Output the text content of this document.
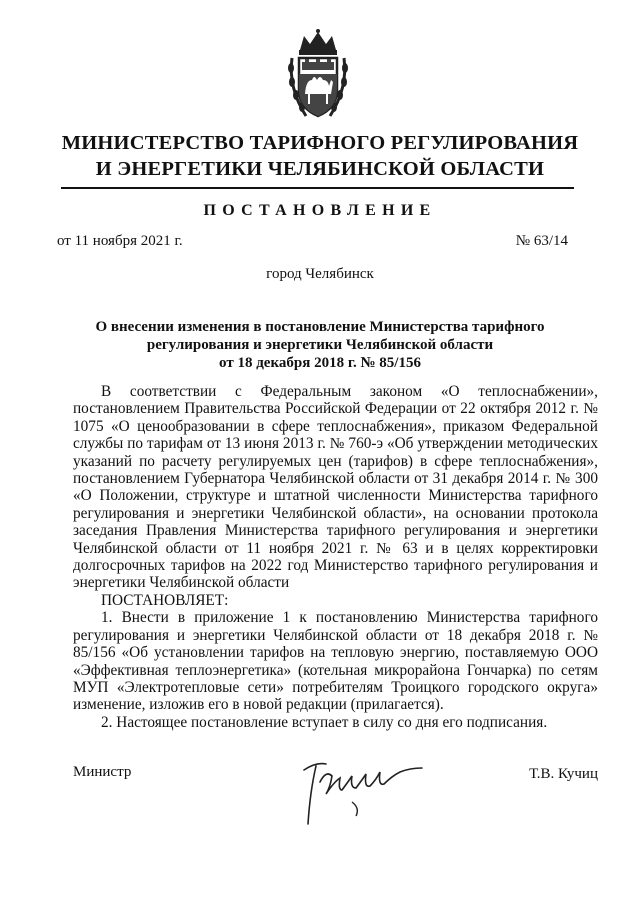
МИНИСТЕРСТВО ТАРИФНОГО РЕГУЛИРОВАНИЯ
И ЭНЕРГЕТИКИ ЧЕЛЯБИНСКОЙ ОБЛАСТИ
ПОСТАНОВЛЕНИЕ
от 11 ноября 2021 г.	№ 63/14
город Челябинск
О внесении изменения в постановление Министерства тарифного
регулирования и энергетики Челябинской области
от 18 декабря 2018 г. № 85/156

В соответствии с Федеральным законом «О теплоснабжении», постановлением Правительства Российской Федерации от 22 октября 2012 г. № 1075 «О ценообразовании в сфере теплоснабжения», приказом Федеральной службы по тарифам от 13 июня 2013 г. № 760-э «Об утверждении методических указаний по расчету регулируемых цен (тарифов) в сфере теплоснабжения», постановлением Губернатора Челябинской области от 31 декабря 2014 г. № 300 «О Положении, структуре и штатной численности Министерства тарифного регулирования и энергетики Челябинской области», на основании протокола заседания Правления Министерства тарифного регулирования и энергетики Челябинской области от 11 ноября 2021 г. № 63 и в целях корректировки долгосрочных тарифов на 2022 год Министерство тарифного регулирования и энергетики Челябинской области

ПОСТАНОВЛЯЕТ:

1. Внести в приложение 1 к постановлению Министерства тарифного регулирования и энергетики Челябинской области от 18 декабря 2018 г. № 85/156 «Об установлении тарифов на тепловую энергию, поставляемую ООО «Эффективная теплоэнергетика» (котельная микрорайона Гончарка) по сетям МУП «Электротепловые сети» потребителям Троицкого городского округа» изменение, изложив его в новой редакции (прилагается).

2. Настоящее постановление вступает в силу со дня его подписания.

Министр	Т.В. Кучиц
